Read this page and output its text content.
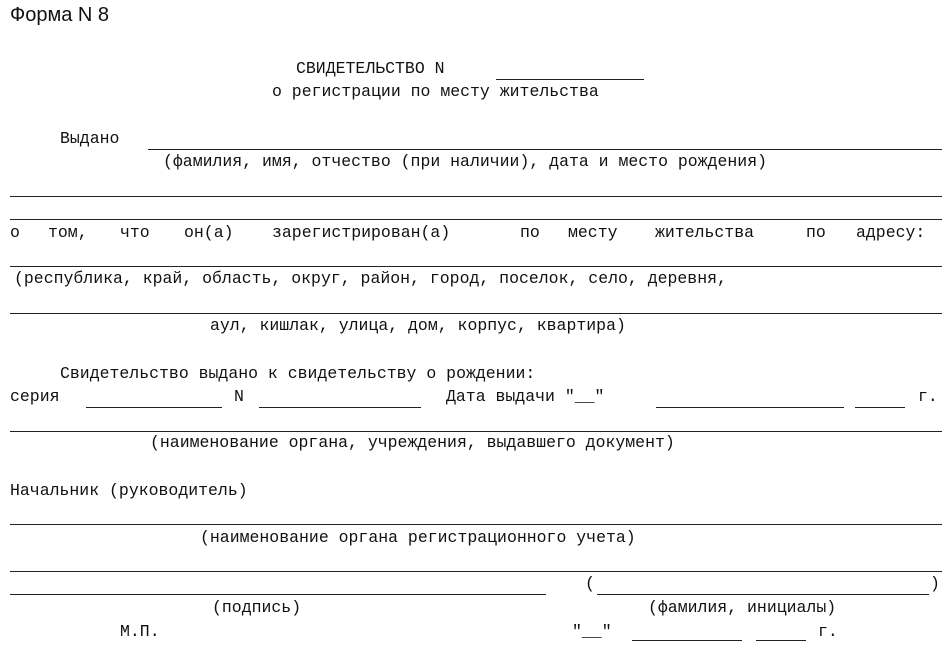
Форма N 8
СВИДЕТЕЛЬСТВО N
о регистрации по месту жительства
Выдано
(фамилия, имя, отчество (при наличии), дата и место рождения)
о том, что он(а) зарегистрирован(а)	по месту жительства	по адресу:
(республика, край, область, округ, район, город, поселок, село, деревня,
аул, кишлак, улица, дом, корпус, квартира)
Свидетельство выдано к свидетельству о рождении:
серия	N	Дата выдачи "__"	г.
(наименование органа, учреждения, выдавшего документ)
Начальник (руководитель)
(наименование органа регистрационного учета)
(	)
(подпись)	(фамилия, инициалы)
М.П.	"__"	г.
